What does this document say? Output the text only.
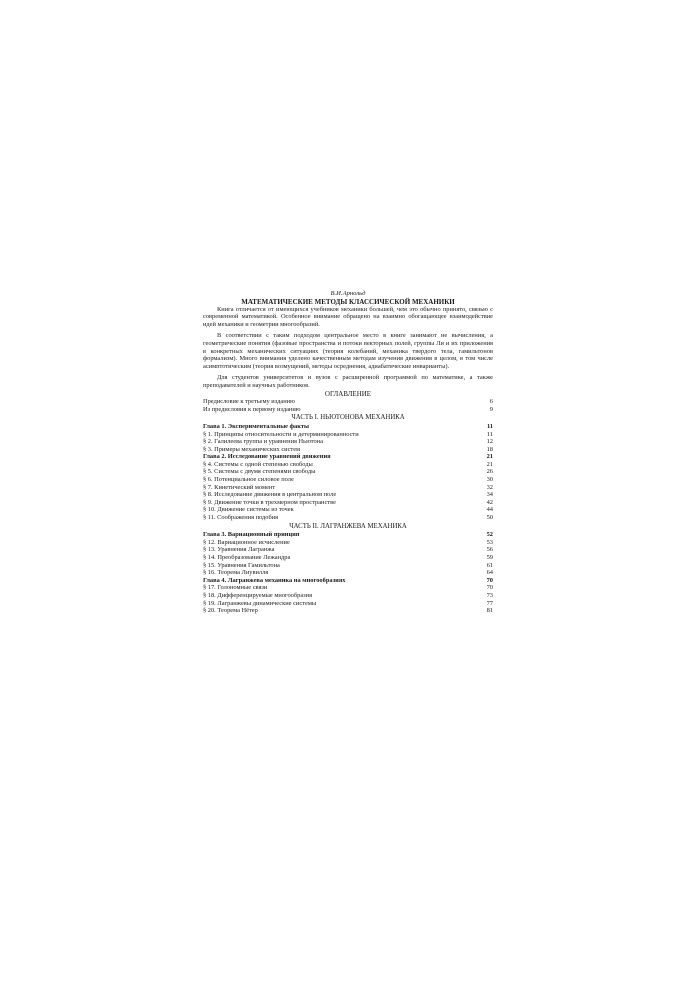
В.И.Арнольд
МАТЕМАТИЧЕСКИЕ МЕТОДЫ КЛАССИЧЕСКОЙ МЕХАНИКИ

Книга отличается от имеющихся учебников механики большей, чем это обычно принято, связью с современной математикой. Особенное внимание обращено на взаимно обогащающее взаимодействие идей механики и геометрии многообразий.

В соответствии с таким подходом центральное место в книге занимают не вычисления, а геометрические понятия (фазовые пространства и потоки векторных полей, группы Ли и их приложения в конкретных механических ситуациях (теория колебаний, механика твердого тела, гамильтонов формализм). Много внимания уделено качественным методам изучения движения в целом, в том числе асимптотическим (теория возмущений, методы осреднения, адиабатические инварианты).

Для студентов университетов и вузов с расширенной программой по математике, а также преподавателей и научных работников.

ОГЛАВЛЕНИЕ
Предисловие к третьему изданию	6
Из предисловия к первому изданию	9
ЧАСТЬ I. НЬЮТОНОВА МЕХАНИКА
Глава 1. Экспериментальные факты	11
§ 1. Принципы относительности и детерминированности	11
§ 2. Галилеева группа и уравнения Ньютона	12
§ 3. Примеры механических систем	18
Глава 2. Исследование уравнений движения	21
§ 4. Системы с одной степенью свободы	21
§ 5. Системы с двумя степенями свободы	26
§ 6. Потенциальное силовое поле	30
§ 7. Кинетический момент	32
§ 8. Исследование движения в центральном поле	34
§ 9. Движение точки в трехмерном пространстве	42
§ 10. Движение системы из точек	44
§ 11. Соображения подобия	50
ЧАСТЬ II. ЛАГРАНЖЕВА МЕХАНИКА
Глава 3. Вариационный принцип	52
§ 12. Вариационное исчисление	53
§ 13. Уравнения Лагранжа	56
§ 14. Преобразование Лежандра	59
§ 15. Уравнения Гамильтона	61
§ 16. Теорема Лиувилля	64
Глава 4. Лагранжева механика на многообразиях	70
§ 17. Голономные связи	70
§ 18. Дифференцируемые многообразия	73
§ 19. Лагранжевы динамические системы	77
§ 20. Теорема Нётер	81
